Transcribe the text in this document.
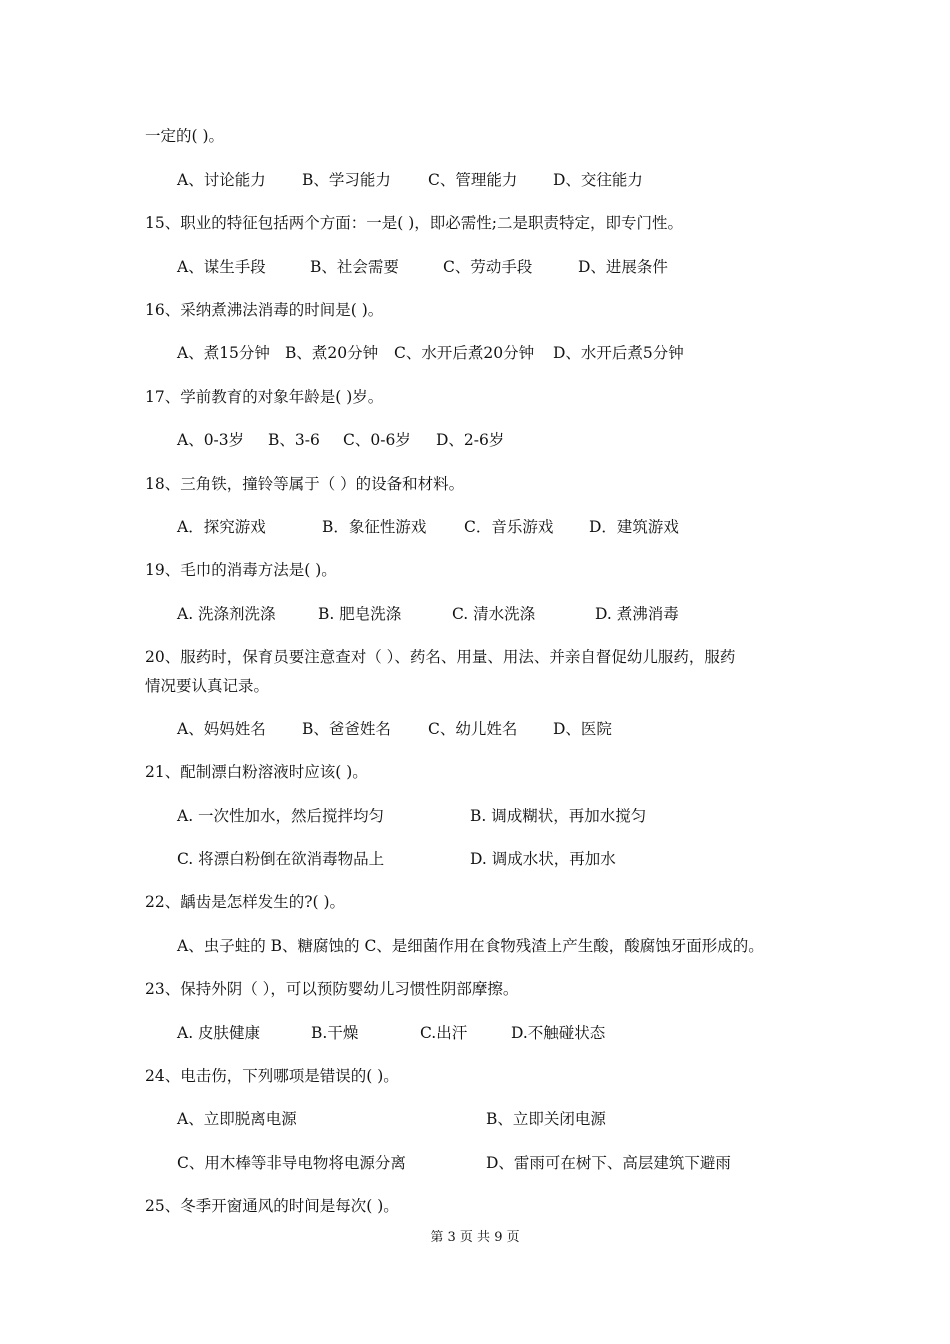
一定的( )。
A、讨论能力 B、学习能力 C、管理能力 D、交往能力
15、职业的特征包括两个方面：一是( )，即必需性;二是职责特定，即专门性。
A、谋生手段	B、社会需要	C、劳动手段	D、进展条件
16、采纳煮沸法消毒的时间是( )。
A、煮15分钟 B、煮20分钟 C、水开后煮20分钟 D、水开后煮5分钟
17、学前教育的对象年龄是( )岁。
A、0-3岁 B、3-6 C、0-6岁 D、2-6岁
18、三角铁，撞铃等属于（ ）的设备和材料。
A．探究游戏	B．象征性游戏 C．音乐游戏 D．建筑游戏
19、毛巾的消毒方法是( )。
A. 洗涤剂洗涤	B. 肥皂洗涤	C. 清水洗涤	D. 煮沸消毒
20、服药时，保育员要注意查对（ ）、药名、用量、用法、并亲自督促幼儿服药，服药
情况要认真记录。
A、妈妈姓名 B、爸爸姓名 C、幼儿姓名 D、医院
21、配制漂白粉溶液时应该( )。
A. 一次性加水，然后搅拌均匀	B. 调成糊状，再加水搅匀
C. 将漂白粉倒在欲消毒物品上	D. 调成水状，再加水
22、龋齿是怎样发生的?( )。
A、虫子蛀的 B、糖腐蚀的 C、是细菌作用在食物残渣上产生酸，酸腐蚀牙面形成的。
23、保持外阴（ ），可以预防婴幼儿习惯性阴部摩擦。
A. 皮肤健康	B.干燥	C.出汗	D.不触碰状态
24、电击伤，下列哪项是错误的( )。
A、立即脱离电源	B、立即关闭电源
C、用木棒等非导电物将电源分离	D、雷雨可在树下、高层建筑下避雨
25、冬季开窗通风的时间是每次( )。
第 3 页 共 9 页
